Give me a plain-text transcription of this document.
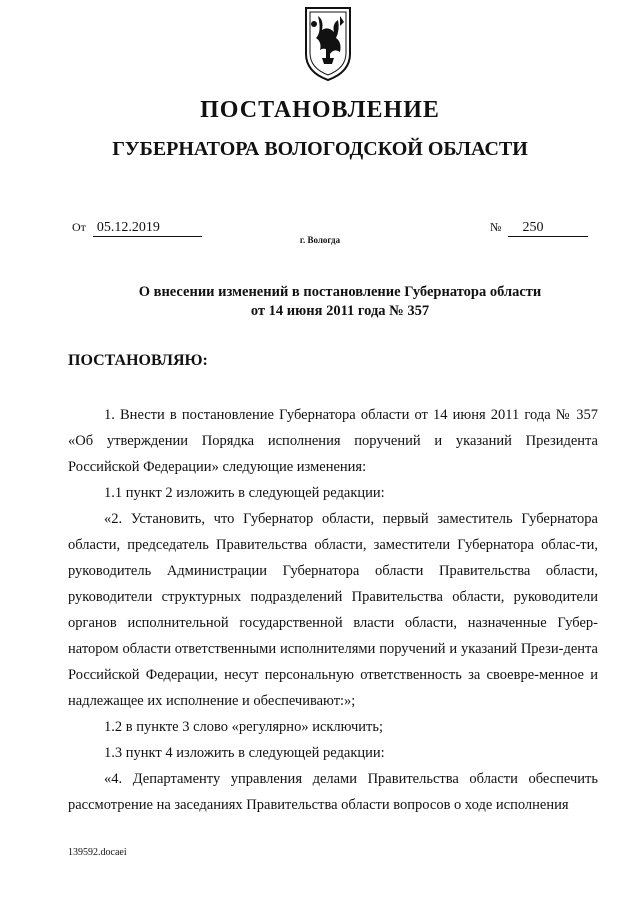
ПОСТАНОВЛЕНИЕ
ГУБЕРНАТОРА ВОЛОГОДСКОЙ ОБЛАСТИ
От 05.12.2019	№ 250
г. Вологда
О внесении изменений в постановление Губернатора области
от 14 июня 2011 года № 357
ПОСТАНОВЛЯЮ:

1. Внести в постановление Губернатора области от 14 июня 2011 года № 357 «Об утверждении Порядка исполнения поручений и указаний Президента Российской Федерации» следующие изменения:

1.1 пункт 2 изложить в следующей редакции:

«2. Установить, что Губернатор области, первый заместитель Губернатора области, председатель Правительства области, заместители Губернатора облас-ти, руководитель Администрации Губернатора области Правительства области, руководители структурных подразделений Правительства области, руководители органов исполнительной государственной власти области, назначенные Губер-натором области ответственными исполнителями поручений и указаний Прези-дента Российской Федерации, несут персональную ответственность за своевре-менное и надлежащее их исполнение и обеспечивают:»;

1.2 в пункте 3 слово «регулярно» исключить;

1.3 пункт 4 изложить в следующей редакции:

«4. Департаменту управления делами Правительства области обеспечить рассмотрение на заседаниях Правительства области вопросов о ходе исполнения

139592.docaei
